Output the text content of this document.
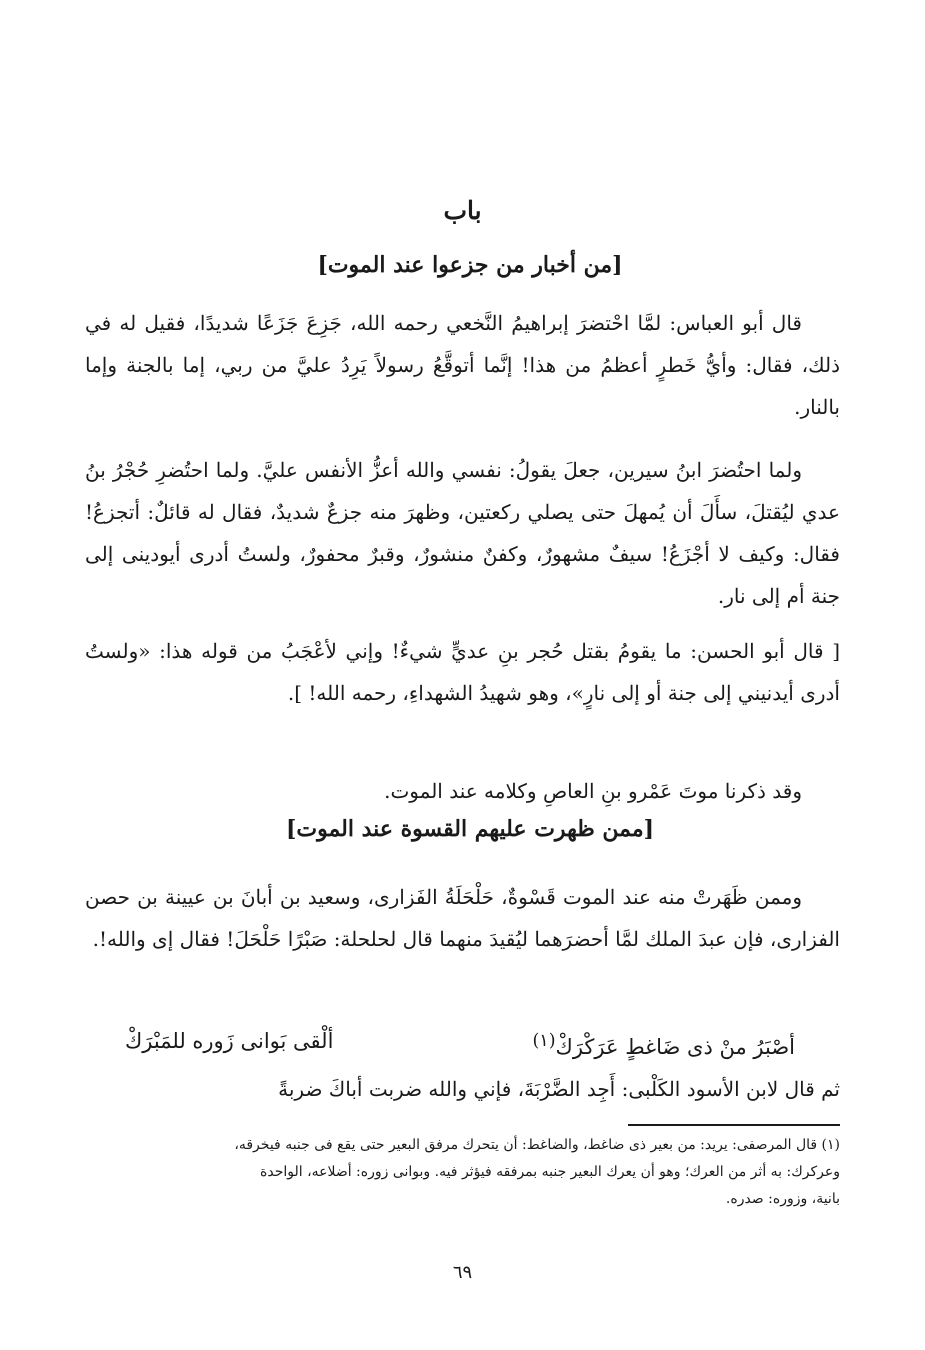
باب
[من أخبار من جزعوا عند الموت]

قال أبو العباس: لمَّا احْتضرَ إبراهيمُ النَّخعي رحمه الله، جَزِعَ جَزَعًا شديدًا، فقيل له في ذلك، فقال: وأيُّ خَطرٍ أعظمُ من هذا! إنَّما أتوقَّعُ رسولاً يَرِدُ عليَّ من ربي، إما بالجنة وإما بالنار.

ولما احتُضرَ ابنُ سيرين، جعلَ يقولُ: نفسي والله أعزُّ الأنفس عليَّ. ولما احتُضرِ حُجْرُ بنُ عدي ليُقتلَ، سأَلَ أن يُمهلَ حتى يصلي ركعتين، وظهرَ منه جزعٌ شديدٌ، فقال له قائلٌ: أتجزعُ! فقال: وكيف لا أجْزَعُ! سيفٌ مشهورٌ، وكفنٌ منشورٌ، وقبرٌ محفورٌ، ولستُ أدرى أيودينى إلى جنة أم إلى نار.

[ قال أبو الحسن: ما يقومُ بقتل حُجر بنِ عديٍّ شيءٌ! وإني لأعْجَبُ من قوله هذا: «ولستُ أدرى أيدنيني إلى جنة أو إلى نارٍ»، وهو شهيدُ الشهداءِ، رحمه الله! ].

وقد ذكرنا موتَ عَمْرو بنِ العاصِ وكلامه عند الموت.

[ممن ظهرت عليهم القسوة عند الموت]

وممن ظَهَرتْ منه عند الموت قَسْوةٌ، حَلْحَلَةُ الفَزارى، وسعيد بن أبانَ بن عيينة بن حصن الفزارى، فإن عبدَ الملك لمَّا أحضرَهما ليُقيدَ منهما قال لحلحلة: صَبْرًا حَلْحَلَ! فقال إى والله!.

أصْبَرُ منْ ذى ضَاغطٍ عَرَكْرَكْ$^{(١)}$
ألْقى بَوانى زَوره للمَبْرَكْ

ثم قال لابن الأسود الكَلْبى: أَجِد الضَّرْبَةَ، فإني والله ضربت أباكَ ضربةً

(١) قال المرصفى: يريد: من بعير ذى ضاغط، والضاغط: أن يتحرك مرفق البعير حتى يقع فى جنبه فيخرقه،

وعركرك: به أثر من العرك؛ وهو أن يعرك البعير جنبه بمرفقه فيؤثر فيه. وبوانى زوره: أضلاعه، الواحدة

بانية، وزوره: صدره.

٦٩
